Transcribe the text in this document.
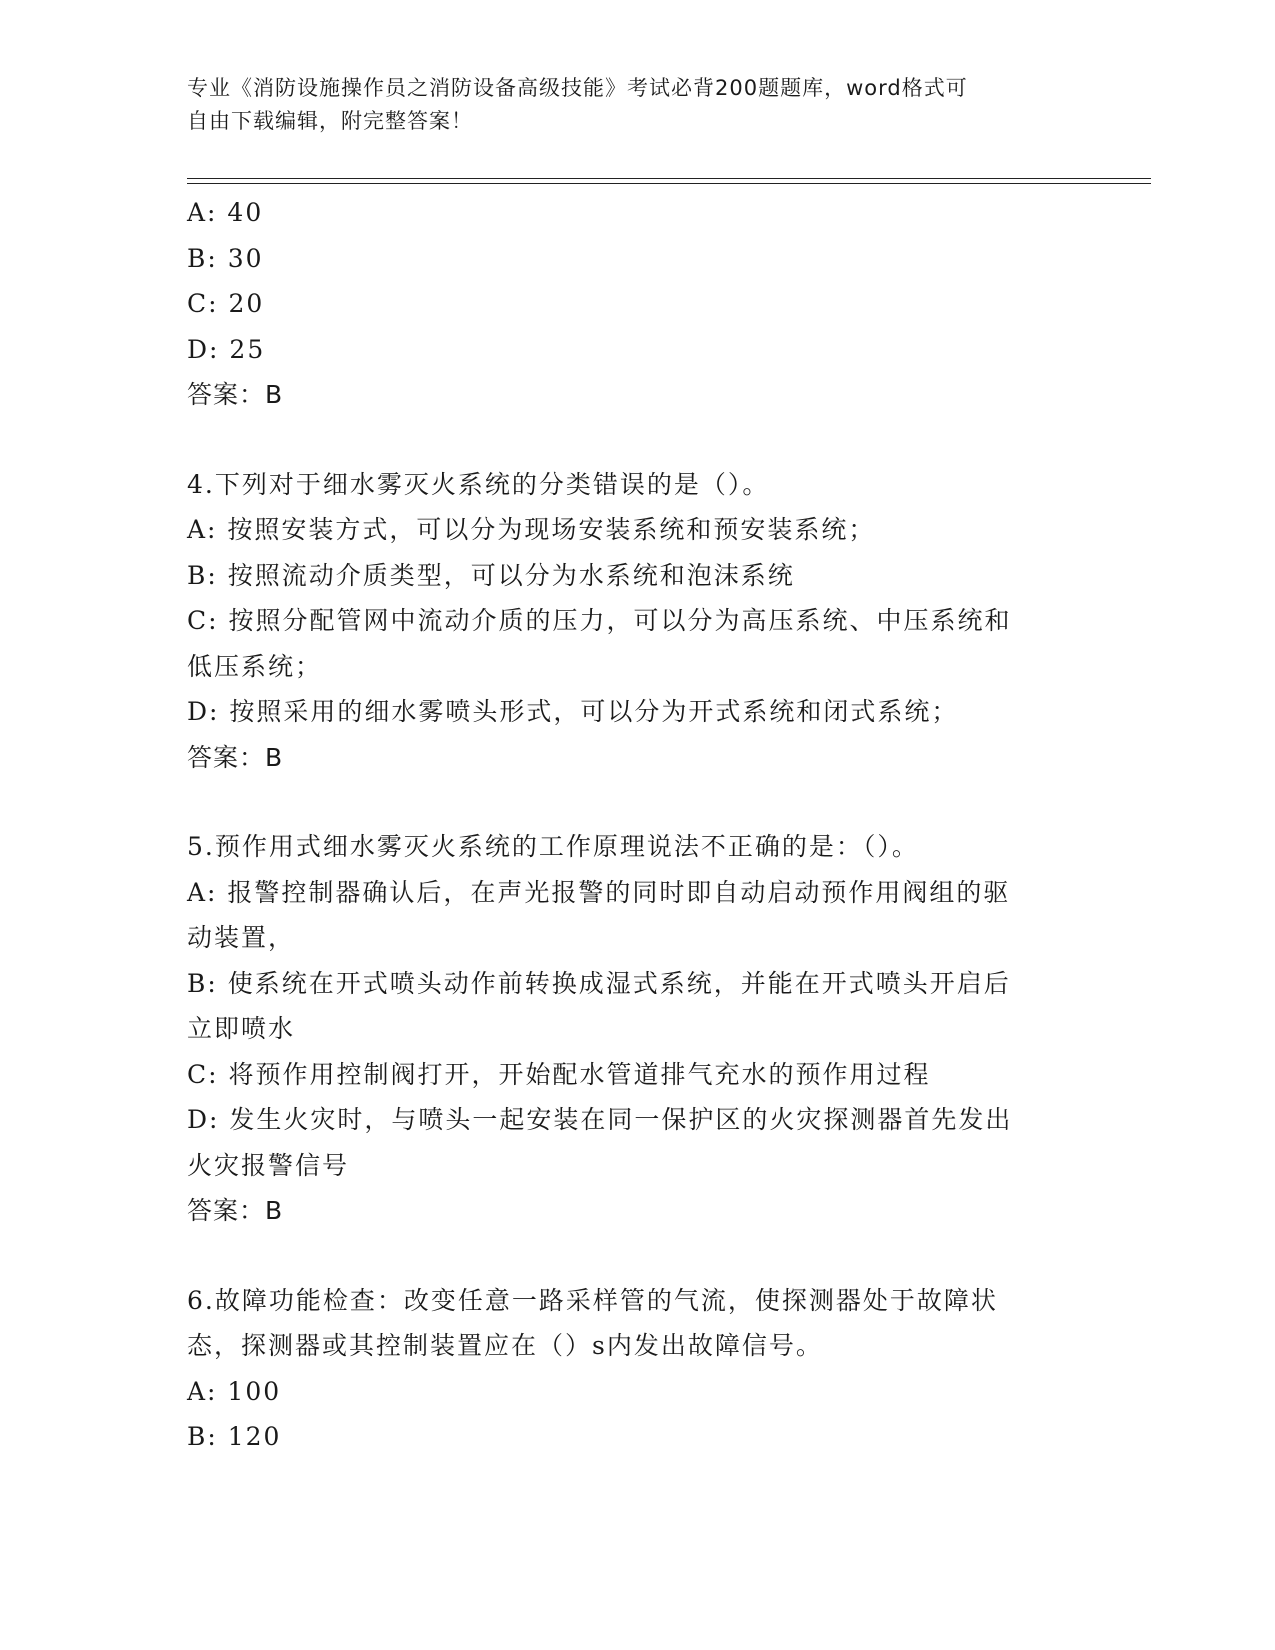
专业《消防设施操作员之消防设备高级技能》考试必背200题题库，word格式可

自由下载编辑，附完整答案！

A: 40

B: 30

C: 20

D: 25

答案：B

4.下列对于细水雾灭火系统的分类错误的是（）。

A: 按照安装方式，可以分为现场安装系统和预安装系统；

B: 按照流动介质类型，可以分为水系统和泡沫系统

C: 按照分配管网中流动介质的压力，可以分为高压系统、中压系统和

低压系统；

D: 按照采用的细水雾喷头形式，可以分为开式系统和闭式系统；

答案：B

5.预作用式细水雾灭火系统的工作原理说法不正确的是：（）。

A: 报警控制器确认后，在声光报警的同时即自动启动预作用阀组的驱

动装置，

B: 使系统在开式喷头动作前转换成湿式系统，并能在开式喷头开启后

立即喷水

C: 将预作用控制阀打开，开始配水管道排气充水的预作用过程

D: 发生火灾时，与喷头一起安装在同一保护区的火灾探测器首先发出

火灾报警信号

答案：B

6.故障功能检查：改变任意一路采样管的气流，使探测器处于故障状

态，探测器或其控制装置应在（）s内发出故障信号。

A: 100

B: 120
